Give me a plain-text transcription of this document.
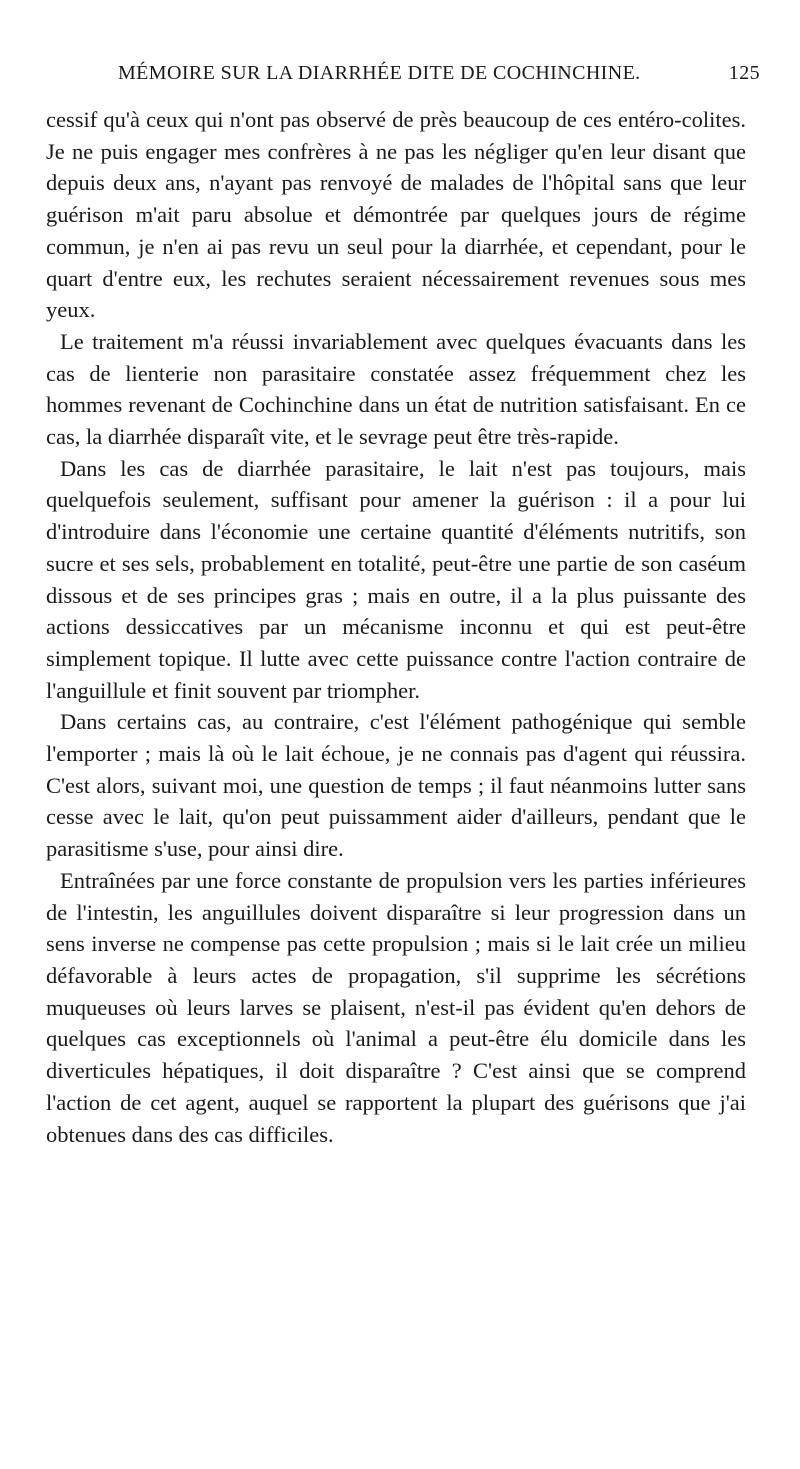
MÉMOIRE SUR LA DIARRHÉE DITE DE COCHINCHINE.	125

cessif qu'à ceux qui n'ont pas observé de près beaucoup de ces entéro-colites. Je ne puis engager mes confrères à ne pas les négliger qu'en leur disant que depuis deux ans, n'ayant pas renvoyé de malades de l'hôpital sans que leur guérison m'ait paru absolue et démontrée par quelques jours de régime commun, je n'en ai pas revu un seul pour la diarrhée, et cependant, pour le quart d'entre eux, les rechutes seraient nécessairement revenues sous mes yeux.

Le traitement m'a réussi invariablement avec quelques évacuants dans les cas de lienterie non parasitaire constatée assez fréquemment chez les hommes revenant de Cochinchine dans un état de nutrition satisfaisant. En ce cas, la diarrhée disparaît vite, et le sevrage peut être très-rapide.

Dans les cas de diarrhée parasitaire, le lait n'est pas toujours, mais quelquefois seulement, suffisant pour amener la guérison : il a pour lui d'introduire dans l'économie une certaine quantité d'éléments nutritifs, son sucre et ses sels, probablement en totalité, peut-être une partie de son caséum dissous et de ses principes gras ; mais en outre, il a la plus puissante des actions dessiccatives par un mécanisme inconnu et qui est peut-être simplement topique. Il lutte avec cette puissance contre l'action contraire de l'anguillule et finit souvent par triompher.

Dans certains cas, au contraire, c'est l'élément pathogénique qui semble l'emporter ; mais là où le lait échoue, je ne connais pas d'agent qui réussira. C'est alors, suivant moi, une question de temps ; il faut néanmoins lutter sans cesse avec le lait, qu'on peut puissamment aider d'ailleurs, pendant que le parasitisme s'use, pour ainsi dire.

Entraînées par une force constante de propulsion vers les parties inférieures de l'intestin, les anguillules doivent disparaître si leur progression dans un sens inverse ne compense pas cette propulsion ; mais si le lait crée un milieu défavorable à leurs actes de propagation, s'il supprime les sécrétions muqueuses où leurs larves se plaisent, n'est-il pas évident qu'en dehors de quelques cas exceptionnels où l'animal a peut-être élu domicile dans les diverticules hépatiques, il doit disparaître ? C'est ainsi que se comprend l'action de cet agent, auquel se rapportent la plupart des guérisons que j'ai obtenues dans des cas difficiles.
